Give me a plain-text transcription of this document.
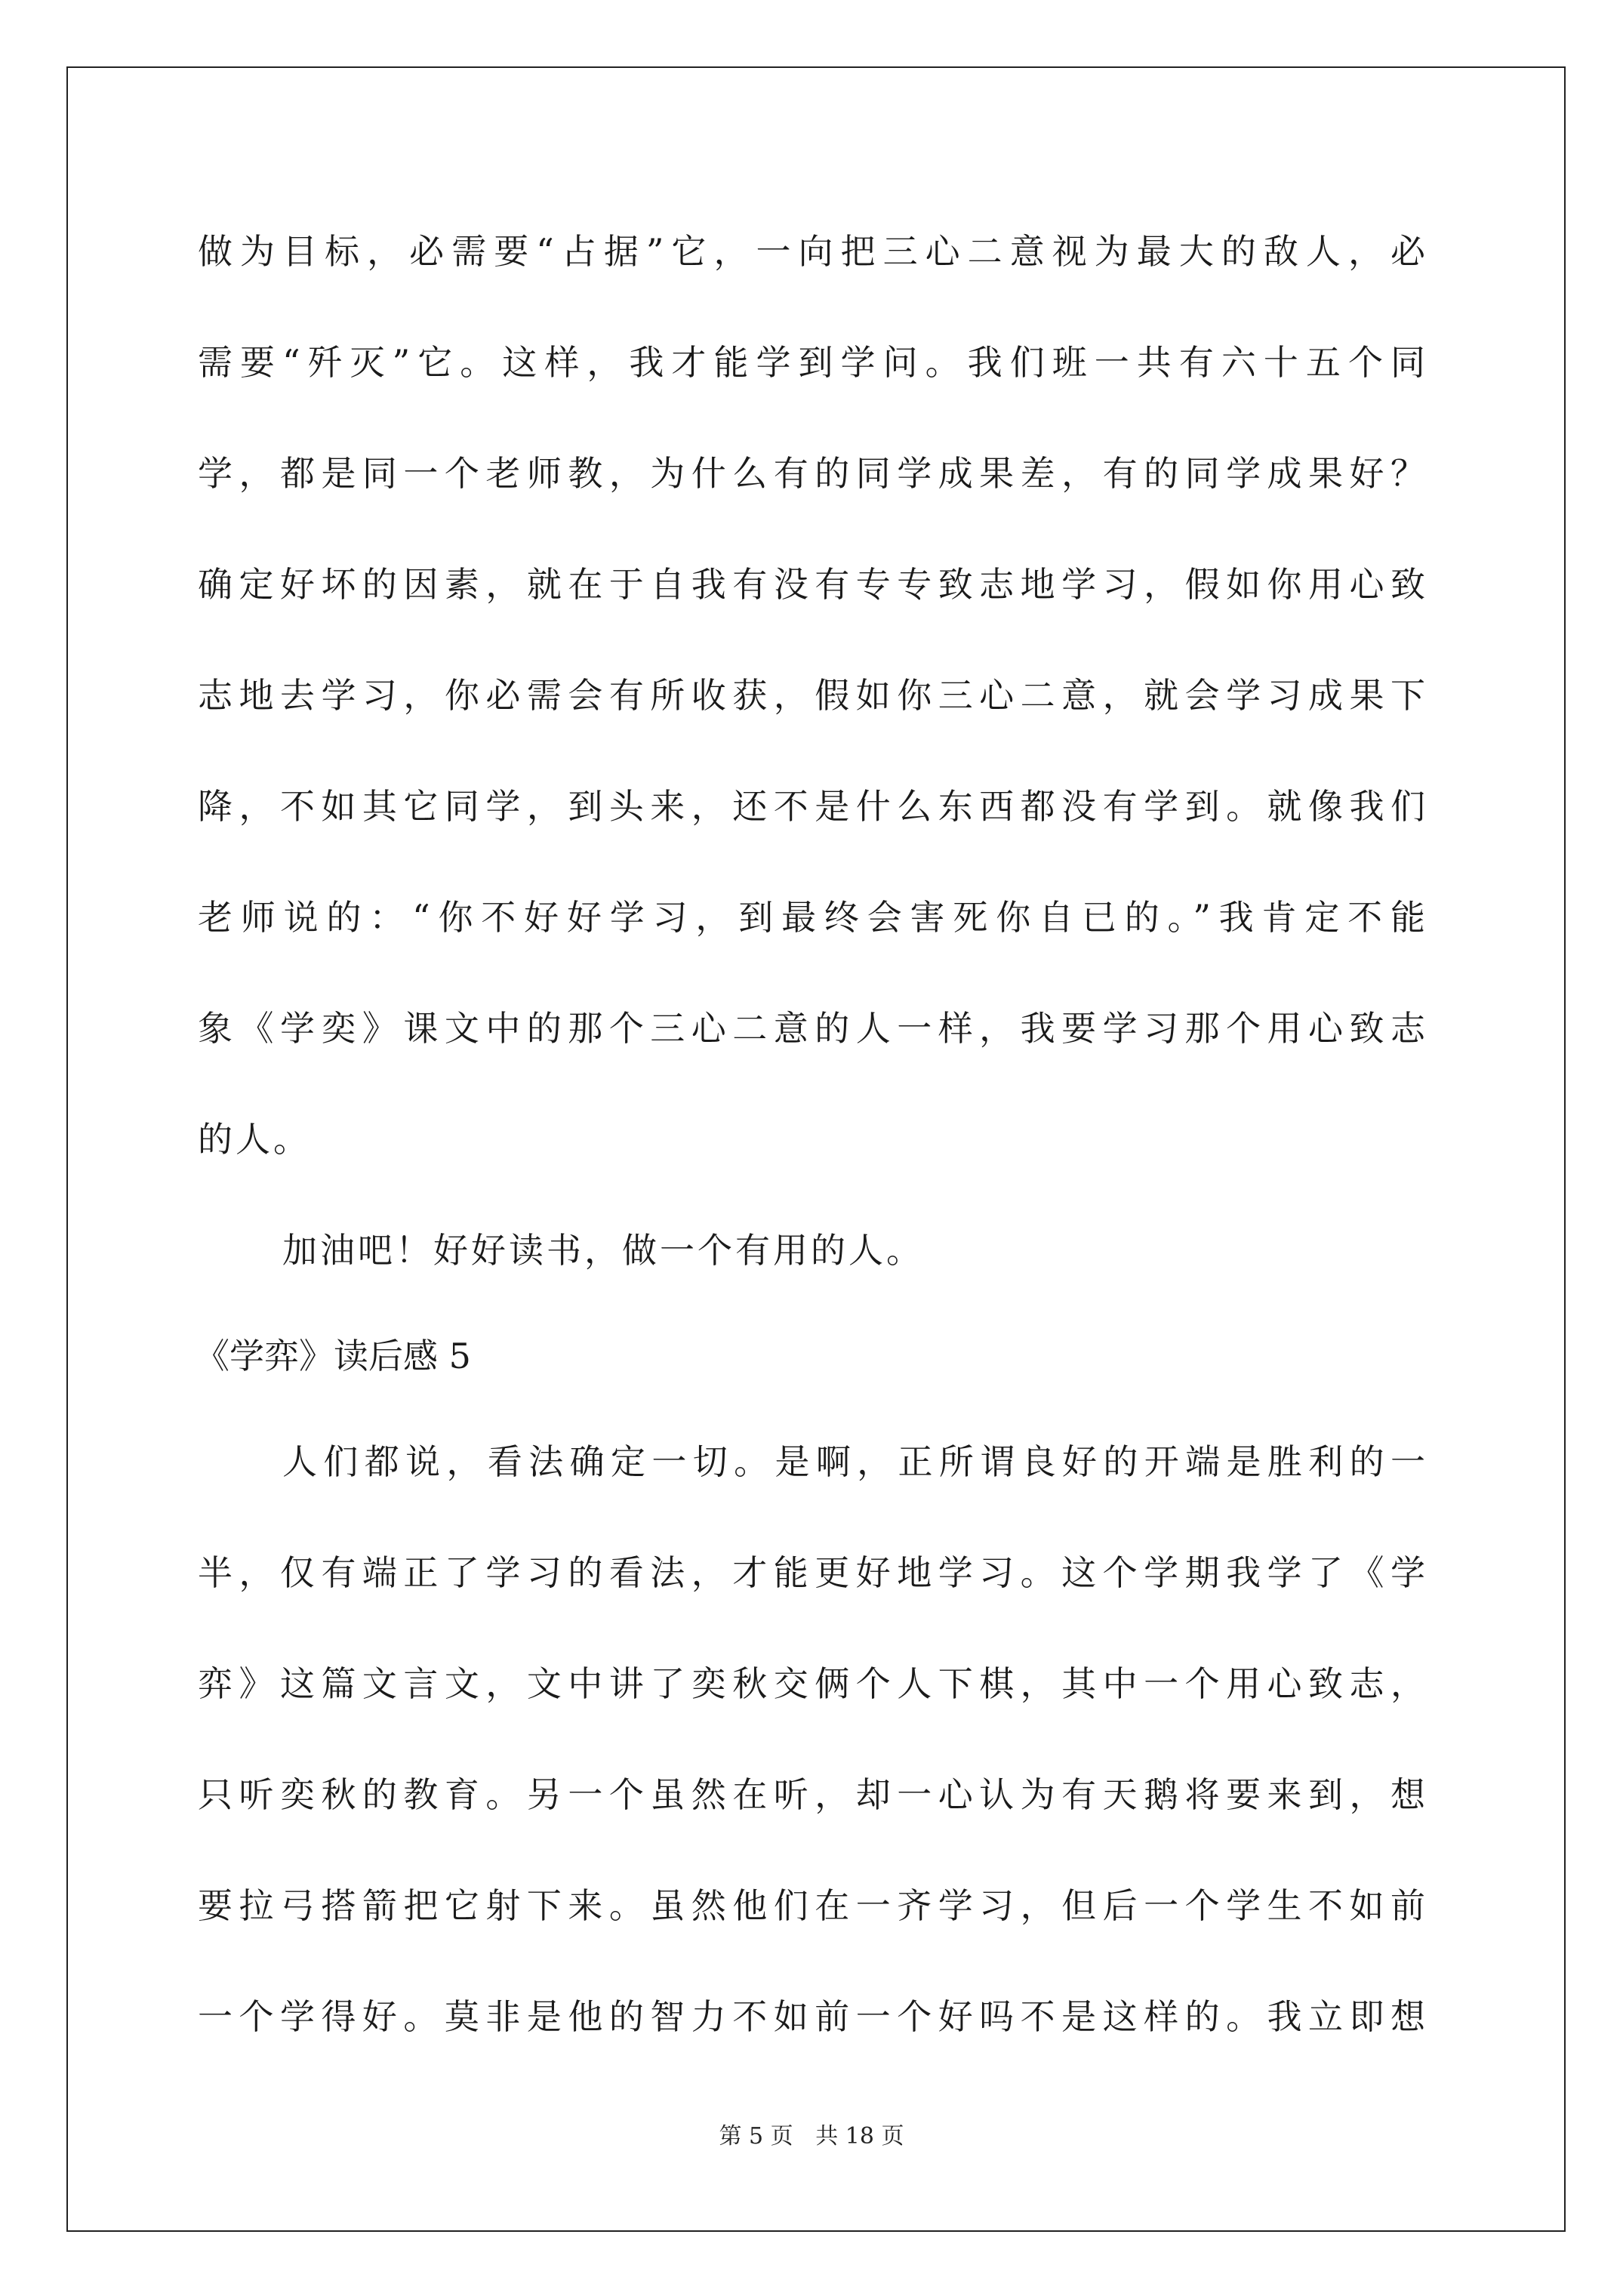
做为目标，必需要“占据”它，一向把三心二意视为最大的敌人，必
需要“歼灭”它。这样，我才能学到学问。我们班一共有六十五个同
学，都是同一个老师教，为什么有的同学成果差，有的同学成果好？
确定好坏的因素，就在于自我有没有专专致志地学习，假如你用心致
志地去学习，你必需会有所收获，假如你三心二意，就会学习成果下
降，不如其它同学，到头来，还不是什么东西都没有学到。就像我们
老师说的：“你不好好学习，到最终会害死你自已的。”我肯定不能
象《学奕》课文中的那个三心二意的人一样，我要学习那个用心致志
的人。
加油吧！好好读书，做一个有用的人。
《学弈》读后感 5
人们都说，看法确定一切。是啊，正所谓良好的开端是胜利的一
半，仅有端正了学习的看法，才能更好地学习。这个学期我学了《学
弈》这篇文言文，文中讲了奕秋交俩个人下棋，其中一个用心致志，
只听奕秋的教育。另一个虽然在听，却一心认为有天鹅将要来到，想
要拉弓搭箭把它射下来。虽然他们在一齐学习，但后一个学生不如前
一个学得好。莫非是他的智力不如前一个好吗不是这样的。我立即想
第 5 页 共 18 页
